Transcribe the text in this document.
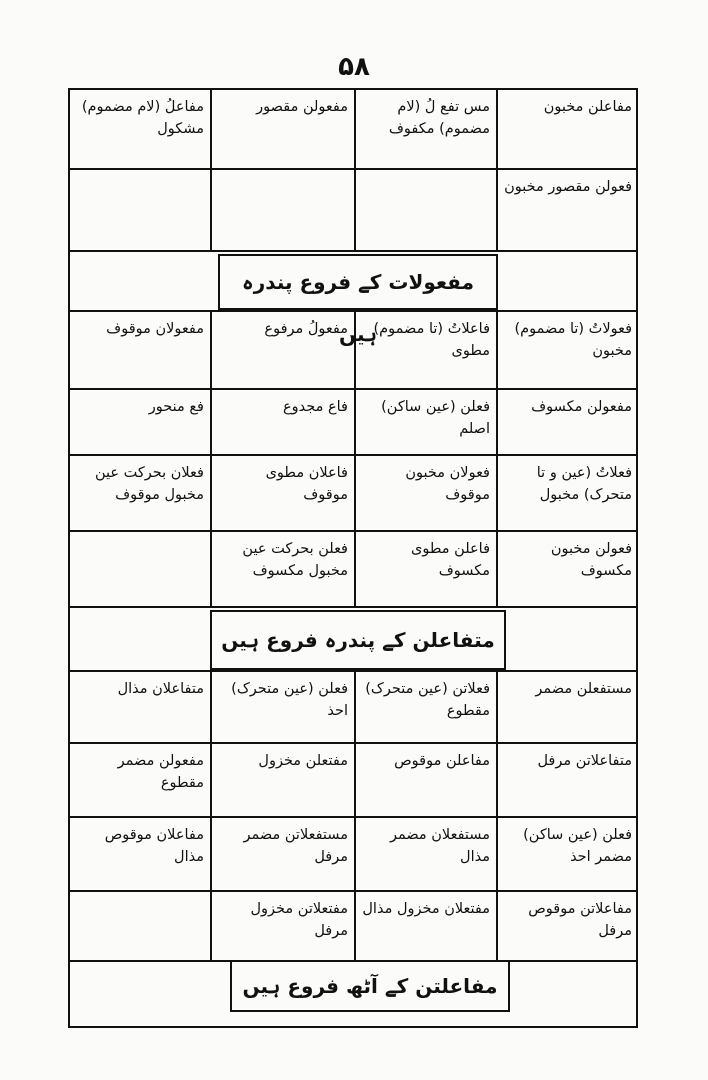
۵۸
مفاعلن مخبون
مس تفع لُ (لام مضموم) مکفوف
مفعولن مقصور
مفاعلُ (لام مضموم) مشکول
فعولن مقصور مخبون
مفعولات کے فروع پندرہ ہیں	فعولاتُ (تا مضموم) مخبون
فاعلاتُ (تا مضموم) مطوی
مفعولُ مرفوع
مفعولان موقوف
مفعولن مکسوف
فعلن (عین ساکن) اصلم
فاع مجدوع
فع منحور
فعلاتُ (عین و تا متحرک) مخبول
فعولان مخبون موقوف
فاعلان مطوی موقوف
فعلان بحرکت عین مخبول موقوف
فعولن مخبون مکسوف
فاعلن مطوی مکسوف
فعلن بحرکت عین مخبول مکسوف
متفاعلن کے پندرہ فروع ہیں
مستفعلن مضمر
فعلاتن (عین متحرک) مقطوع
فعلن (عین متحرک) احذ
متفاعلان مذال
متفاعلاتن مرفل
مفاعلن موقوص
مفتعلن مخزول
مفعولن مضمر مقطوع
فعلن (عین ساکن) مضمر احذ
مستفعلان مضمر مذال
مستفعلاتن مضمر مرفل
مفاعلان موقوص مذال
مفاعلاتن موقوص مرفل
مفتعلان مخزول مذال
مفتعلاتن مخزول مرفل
مفاعلتن کے آٹھ فروع ہیں
